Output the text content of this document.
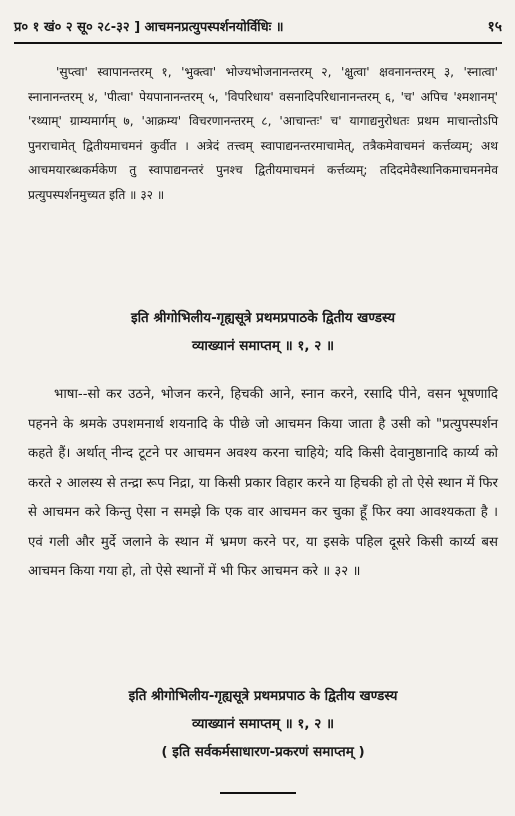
प्र० १ खं० २ सू० २८-३२ ] आचमनप्रत्युपस्पर्शनयोर्विधिः ॥	१५

'सुप्त्वा' स्वापानन्तरम् १, 'भुक्त्वा' भोज्यभोजनानन्तरम् २, 'क्षुत्वा' क्षवनानन्तरम् ३, 'स्नात्वा' स्नानानन्तरम् ४, 'पीत्वा' पेयपानानन्तरम् ५, 'विपरिधाय' वसनादिपरिधानानन्तरम् ६, 'च' अपिच 'श्मशानम्' 'रथ्याम्' ग्राम्यमार्गम् ७, 'आक्रम्य' विचरणानन्तरम् ८, 'आचान्तः' च' यागाद्यनुरोधतः प्रथम माचान्तोऽपि पुनराचामेत् द्वितीयमाचमनं कुर्वीत । अत्रेदं तत्त्वम् स्वापाद्यनन्तरमाचामेत्, तत्रैकमेवाचमनं कर्त्तव्यम्; अथ आचमयारब्धकर्मकेण तु स्वापाद्यनन्तरं पुनश्च द्वितीयमाचमनं कर्त्तव्यम्; तदिदमेवैस्थानिकमाचमनमेव प्रत्युपस्पर्शनमुच्यत इति ॥ ३२ ॥

इति श्रीगोभिलीय-गृह्यसूत्रे प्रथमप्रपाठके द्वितीय खण्डस्य

व्याख्यानं समाप्तम् ॥ १, २ ॥

भाषा--सो कर उठने, भोजन करने, हिचकी आने, स्नान करने, रसादि पीने, वसन भूषणादि पहनने के श्रमके उपशमनार्थ शयनादि के पीछे जो आचमन किया जाता है उसी को "प्रत्युपस्पर्शन कहते हैं। अर्थात् नीन्द टूटने पर आचमन अवश्य करना चाहिये; यदि किसी देवानुष्ठानादि कार्य्य को करते २ आलस्य से तन्द्रा रूप निद्रा, या किसी प्रकार विहार करने या हिचकी हो तो ऐसे स्थान में फिर से आचमन करे किन्तु ऐसा न समझे कि एक वार आचमन कर चुका हूँ फिर क्या आवश्यकता है । एवं गली और मुर्दे जलाने के स्थान में भ्रमण करने पर, या इसके पहिल दूसरे किसी कार्य्य बस आचमन किया गया हो, तो ऐसे स्थानों में भी फिर आचमन करे ॥ ३२ ॥

इति श्रीगोभिलीय-गृह्यसूत्रे प्रथमप्रपाठ के द्वितीय खण्डस्य

व्याख्यानं समाप्तम् ॥ १, २ ॥

( इति सर्वकर्मसाधारण-प्रकरणं समाप्तम् )
